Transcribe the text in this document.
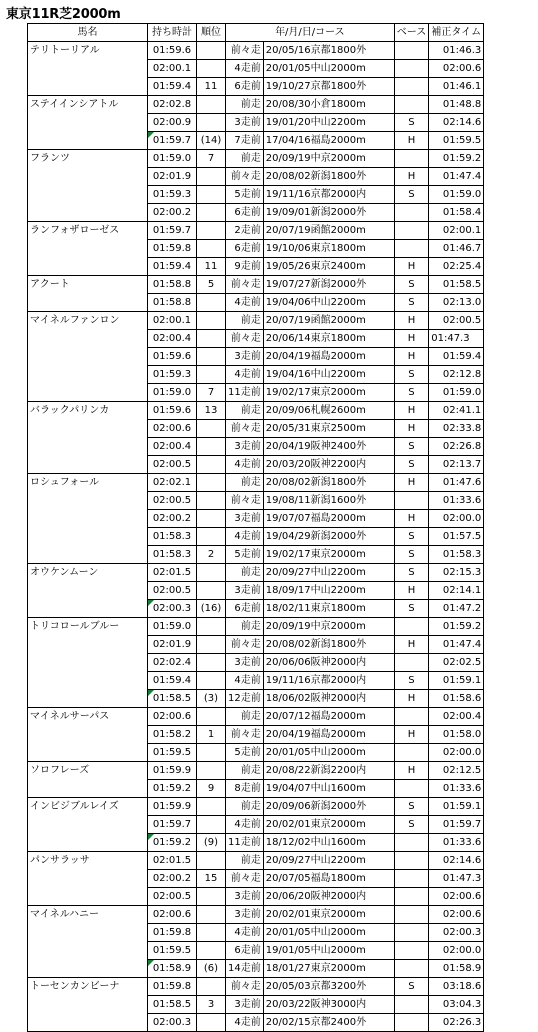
東京11R芝2000m
馬名	持ち時計	順位	年/月/日/コース		ベース	補正タイム
テリトーリアル	01:59.6		前々走	20/05/16京都1800外		01:46.3
	02:00.1		4走前	20/01/05中山2000m		02:00.6
	01:59.4	11	6走前	19/10/27京都1800外		01:46.1
ステイインシアトル	02:02.8		前走	20/08/30小倉1800m		01:48.8
	02:00.9		3走前	19/01/20中山2200m	S	02:14.6
	01:59.7	(14)	7走前	17/04/16福島2000m	H	01:59.5
フランツ	01:59.0	7	前走	20/09/19中京2000m		01:59.2
	02:01.9		前々走	20/08/02新潟1800外	H	01:47.4
	01:59.3		5走前	19/11/16京都2000内	S	01:59.0
	02:00.2		6走前	19/09/01新潟2000外		01:58.4
ランフォザローゼス	01:59.7		2走前	20/07/19函館2000m		02:00.1
	01:59.8		6走前	19/10/06東京1800m		01:46.7
	01:59.4	11	9走前	19/05/26東京2400m	H	02:25.4
アクート	01:58.8	5	前々走	19/07/27新潟2000外	S	01:58.5
	01:58.8		4走前	19/04/06中山2200m	S	02:13.0
マイネルファンロン	02:00.1		前走	20/07/19函館2000m	H	02:00.5
	02:00.4		前々走	20/06/14東京1800m	H	01:47.3
	01:59.6		3走前	20/04/19福島2000m	H	01:59.4
	01:59.3		4走前	19/04/16中山2200m	S	02:12.8
	01:59.0	7	11走前	19/02/17東京2000m	S	01:59.0
バラックパリンカ	01:59.6	13	前走	20/09/06札幌2600m	H	02:41.1
	02:00.6		前々走	20/05/31東京2500m	H	02:33.8
	02:00.4		3走前	20/04/19阪神2400外	S	02:26.8
	02:00.5		4走前	20/03/20阪神2200内	S	02:13.7
ロシュフォール	02:02.1		前走	20/08/02新潟1800外	H	01:47.6
	02:00.5		前々走	19/08/11新潟1600外		01:33.6
	02:00.2		3走前	19/07/07福島2000m	H	02:00.0
	01:58.3		4走前	19/04/29新潟2000外	S	01:57.5
	01:58.3	2	5走前	19/02/17東京2000m	S	01:58.3
オウケンムーン	02:01.5		前走	20/09/27中山2200m	S	02:15.3
	02:00.5		3走前	18/09/17中山2200m	H	02:14.1
	02:00.3	(16)	6走前	18/02/11東京1800m	S	01:47.2
トリコロールブルー	01:59.0		前走	20/09/19中京2000m		01:59.2
	02:01.9		前々走	20/08/02新潟1800外	H	01:47.4
	02:02.4		3走前	20/06/06阪神2000内		02:02.5
	01:59.4		4走前	19/11/16京都2000内	S	01:59.1
	01:58.5	(3)	12走前	18/06/02阪神2000内	H	01:58.6
マイネルサーパス	02:00.6		前走	20/07/12福島2000m		02:00.4
	01:58.2	1	前々走	20/04/19福島2000m	H	01:58.0
	01:59.5		5走前	20/01/05中山2000m		02:00.0
ソロフレーズ	01:59.9		前走	20/08/22新潟2200内	H	02:12.5
	01:59.2	9	8走前	19/04/07中山1600m		01:33.6
インビジブルレイズ	01:59.9		前走	20/09/06新潟2000外	S	01:59.1
	01:59.7		4走前	20/02/01東京2000m	S	01:59.7
	01:59.2	(9)	11走前	18/12/02中山1600m		01:33.6
パンサラッサ	02:01.5		前走	20/09/27中山2200m		02:14.6
	02:00.2	15	前々走	20/07/05福島1800m		01:47.3
	02:00.5		3走前	20/06/20阪神2000内		02:00.6
マイネルハニー	02:00.6		3走前	20/02/01東京2000m		02:00.6
	01:59.8		4走前	20/01/05中山2000m		02:00.3
	01:59.5		6走前	19/01/05中山2000m		02:00.0
	01:58.9	(6)	14走前	18/01/27東京2000m		01:58.9
トーセンカンビーナ	01:59.8		前々走	20/05/03京都3200外	S	03:18.6
	01:58.5	3	3走前	20/03/22阪神3000内		03:04.3
	02:00.3		4走前	20/02/15京都2400外		02:26.3
